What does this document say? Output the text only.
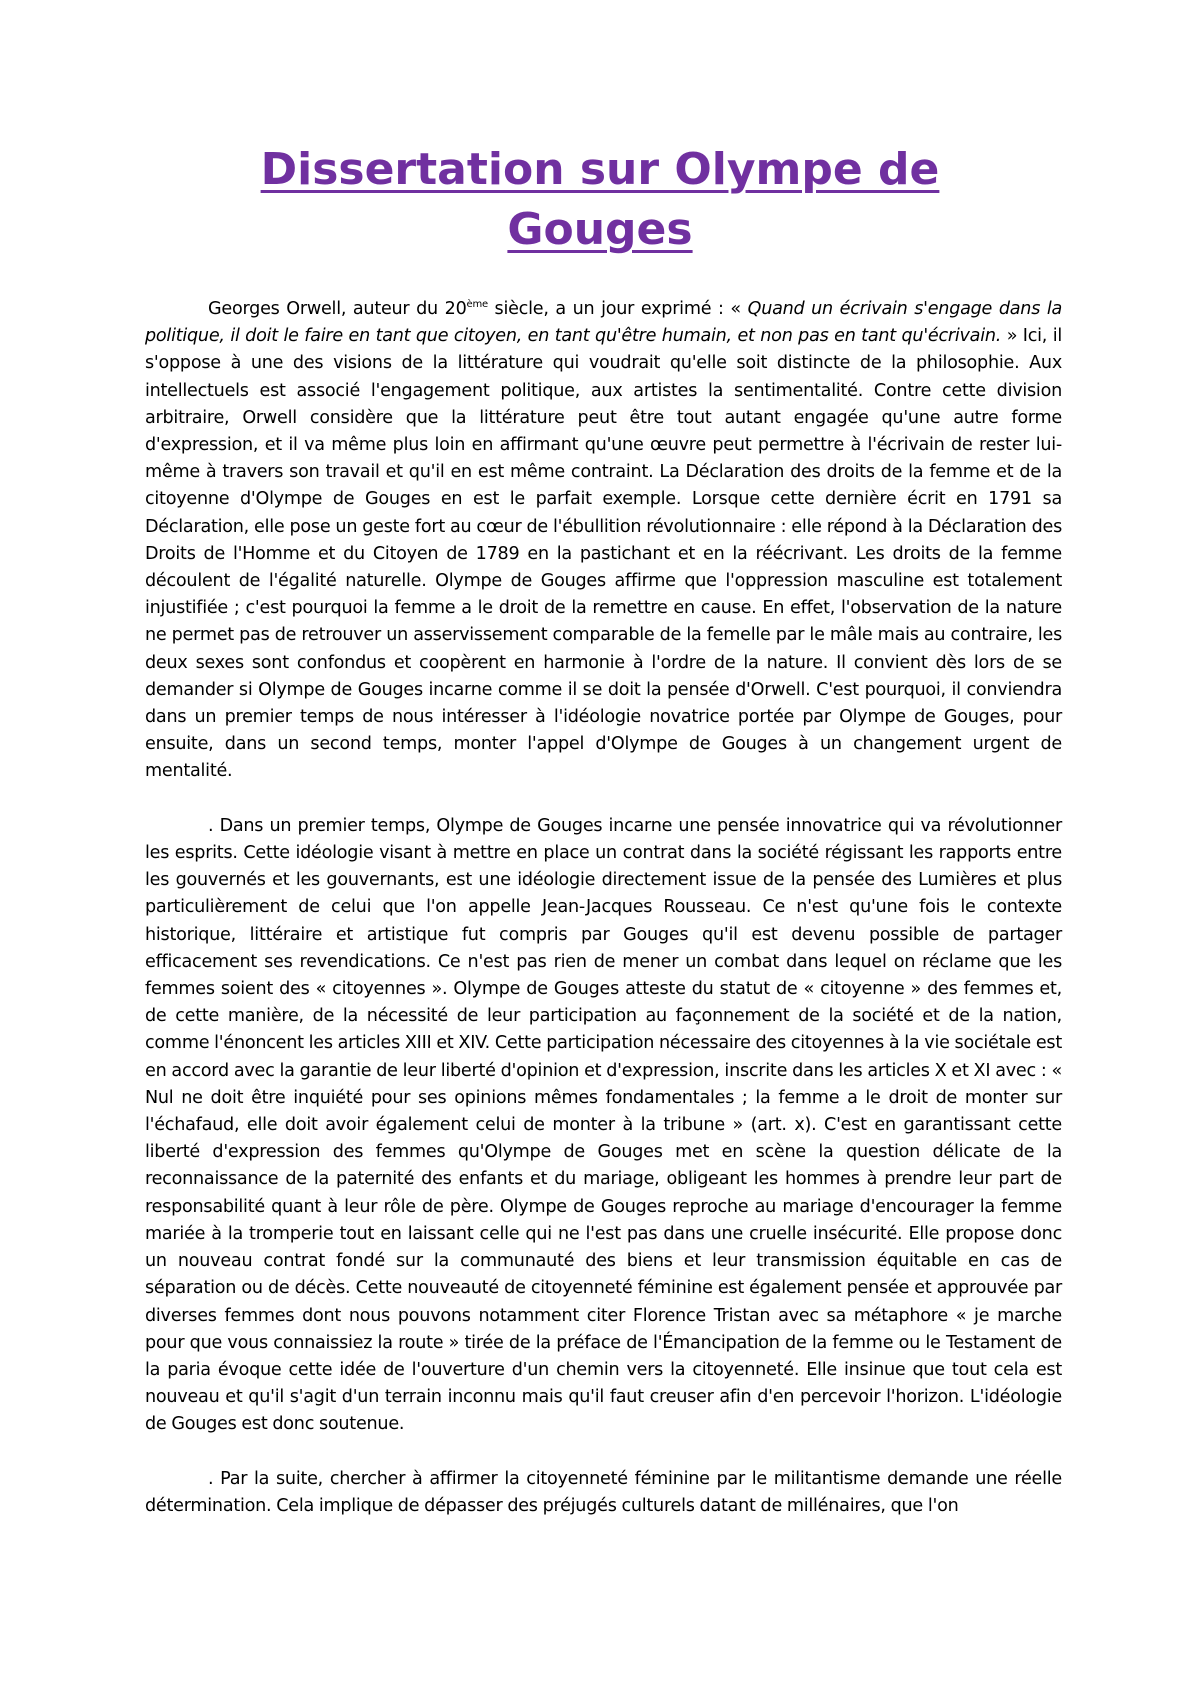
Dissertation sur Olympe de
Gouges

Georges Orwell, auteur du 20ème siècle, a un jour exprimé : « Quand un écrivain s'engage dans la politique, il doit le faire en tant que citoyen, en tant qu'être humain, et non pas en tant qu'écrivain. » Ici, il s'oppose à une des visions de la littérature qui voudrait qu'elle soit distincte de la philosophie. Aux intellectuels est associé l'engagement politique, aux artistes la sentimentalité. Contre cette division arbitraire, Orwell considère que la littérature peut être tout autant engagée qu'une autre forme d'expression, et il va même plus loin en affirmant qu'une œuvre peut permettre à l'écrivain de rester lui-même à travers son travail et qu'il en est même contraint. La Déclaration des droits de la femme et de la citoyenne d'Olympe de Gouges en est le parfait exemple. Lorsque cette dernière écrit en 1791 sa Déclaration, elle pose un geste fort au cœur de l'ébullition révolutionnaire : elle répond à la Déclaration des Droits de l'Homme et du Citoyen de 1789 en la pastichant et en la réécrivant. Les droits de la femme découlent de l'égalité naturelle. Olympe de Gouges affirme que l'oppression masculine est totalement injustifiée ; c'est pourquoi la femme a le droit de la remettre en cause. En effet, l'observation de la nature ne permet pas de retrouver un asservissement comparable de la femelle par le mâle mais au contraire, les deux sexes sont confondus et coopèrent en harmonie à l'ordre de la nature. Il convient dès lors de se demander si Olympe de Gouges incarne comme il se doit la pensée d'Orwell. C'est pourquoi, il conviendra dans un premier temps de nous intéresser à l'idéologie novatrice portée par Olympe de Gouges, pour ensuite, dans un second temps, monter l'appel d'Olympe de Gouges à un changement urgent de mentalité.

. Dans un premier temps, Olympe de Gouges incarne une pensée innovatrice qui va révolutionner les esprits. Cette idéologie visant à mettre en place un contrat dans la société régissant les rapports entre les gouvernés et les gouvernants, est une idéologie directement issue de la pensée des Lumières et plus particulièrement de celui que l'on appelle Jean-Jacques Rousseau. Ce n'est qu'une fois le contexte historique, littéraire et artistique fut compris par Gouges qu'il est devenu possible de partager efficacement ses revendications. Ce n'est pas rien de mener un combat dans lequel on réclame que les femmes soient des « citoyennes ». Olympe de Gouges atteste du statut de « citoyenne » des femmes et, de cette manière, de la nécessité de leur participation au façonnement de la société et de la nation, comme l'énoncent les articles XIII et XIV. Cette participation nécessaire des citoyennes à la vie sociétale est en accord avec la garantie de leur liberté d'opinion et d'expression, inscrite dans les articles X et XI avec : « Nul ne doit être inquiété pour ses opinions mêmes fondamentales ; la femme a le droit de monter sur l'échafaud, elle doit avoir également celui de monter à la tribune » (art. x). C'est en garantissant cette liberté d'expression des femmes qu'Olympe de Gouges met en scène la question délicate de la reconnaissance de la paternité des enfants et du mariage, obligeant les hommes à prendre leur part de responsabilité quant à leur rôle de père. Olympe de Gouges reproche au mariage d'encourager la femme mariée à la tromperie tout en laissant celle qui ne l'est pas dans une cruelle insécurité. Elle propose donc un nouveau contrat fondé sur la communauté des biens et leur transmission équitable en cas de séparation ou de décès. Cette nouveauté de citoyenneté féminine est également pensée et approuvée par diverses femmes dont nous pouvons notamment citer Florence Tristan avec sa métaphore « je marche pour que vous connaissiez la route » tirée de la préface de l'Émancipation de la femme ou le Testament de la paria évoque cette idée de l'ouverture d'un chemin vers la citoyenneté. Elle insinue que tout cela est nouveau et qu'il s'agit d'un terrain inconnu mais qu'il faut creuser afin d'en percevoir l'horizon. L'idéologie de Gouges est donc soutenue.

. Par la suite, chercher à affirmer la citoyenneté féminine par le militantisme demande une réelle détermination. Cela implique de dépasser des préjugés culturels datant de millénaires, que l'on
